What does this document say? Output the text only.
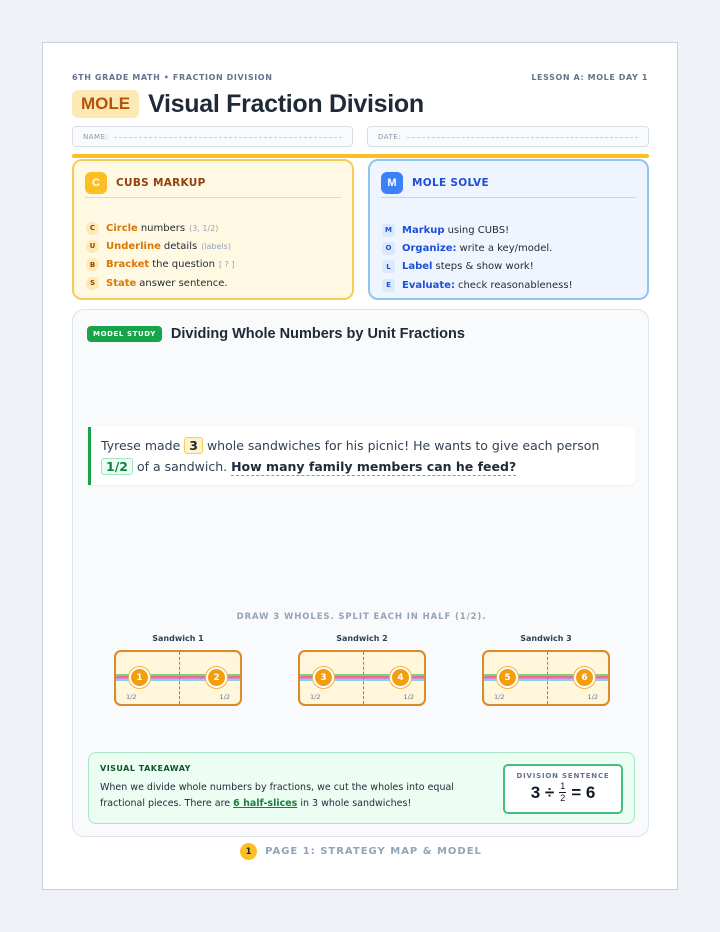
6TH GRADE MATH • FRACTION DIVISION	LESSON A: MOLE DAY 1
MOLE Visual Fraction Division
NAME:	DATE:
C	CUBS MARKUP
C	Circle numbers (3, 1/2)
U	Underline details (labels)
B	Bracket the question [ ? ]
S	State answer sentence.
M	MOLE SOLVE
M	Markup using CUBS!
O	Organize: write a key/model.
L	Label steps & show work!
E	Evaluate: check reasonableness!
MODEL STUDY	Dividing Whole Numbers by Unit Fractions
Tyrese made 3 whole sandwiches for his picnic! He wants to give each person 1/2 of a sandwich. How many family members can he feed?
DRAW 3 WHOLES. SPLIT EACH IN HALF (1/2).
Sandwich 1
1	2
1/2	1/2
Sandwich 2
3	4
1/2	1/2
Sandwich 3
5	6
1/2	1/2
VISUAL TAKEAWAY
When we divide whole numbers by fractions, we cut the wholes into equal fractional pieces. There are 6 half-slices in 3 whole sandwiches!
DIVISION SENTENCE
$3 \div \frac{1}{2} = 6$
1	PAGE 1: STRATEGY MAP & MODEL
